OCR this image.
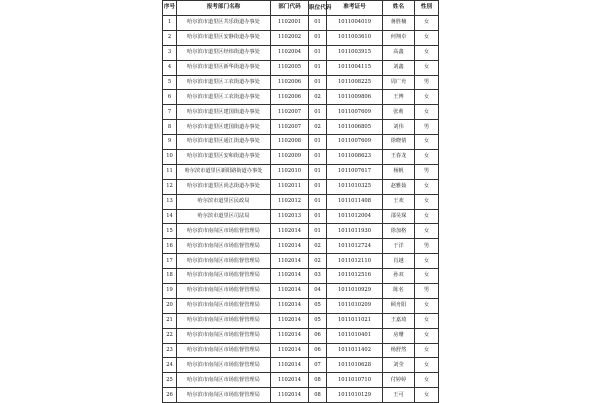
序号	报考部门名称	部门代码	职位代码	准考证号	姓名	性别
1	哈尔滨市道里区共乐街道办事处	1102001	01	10110040​19	蒋胜楠	女
2	哈尔滨市道里区安静街道办事处	1102002	01	1011003610	何翔卓	女
3	哈尔滨市道里区经纬街道办事处	1102004	01	1011003915	高鑫	女
4	哈尔滨市道里区新华街道办事处	1102005	01	1011004115	刘鑫	女
5	哈尔滨市道里区工农街道办事处	1102006	01	1011008225	周广舟	男
6	哈尔滨市道里区工农街道办事处	1102006	02	1011009806	王博	女
7	哈尔滨市道里区建国街道办事处	1102007	01	1011007609	张莉	女
8	哈尔滨市道里区建国街道办事处	1102007	02	1011006805	刘伟	男
9	哈尔滨市道里区通江街道办事处	1102008	01	1011007609	徐晓倩	女
10	哈尔滨市道里区安和街道办事处	1102009	01	1011008623	王春龙	女
11	哈尔滨市道里区新阳路街道办事处	1102010	01	1011007617	杨帆	男
12	哈尔滨市道里区尚志街道办事处	1102011	01	1011010325	赵雅茹	女
13	哈尔滨市道里区民政局	1102012	01	1011011408	王欢	女
14	哈尔滨市道里区司法局	1102013	01	1011012004	邵昊琛	女
15	哈尔滨市南岗区市场监督管理局	1102014	01	1011011930	徐加格	女
16	哈尔滨市南岗区市场监督管理局	1102014	02	1011012724	于洋	男
17	哈尔滨市南岗区市场监督管理局	1102014	02	1011012110	肖越	女
18	哈尔滨市南岗区市场监督管理局	1102014	03	1011012516	孙双	女
19	哈尔滨市南岗区市场监督管理局	1102014	04	1011010929	陈名	男
20	哈尔滨市南岗区市场监督管理局	1102014	05	1011010209	顾舟阳	女
21	哈尔滨市南岗区市场监督管理局	1102014	05	1011011021	王嘉琦	女
22	哈尔滨市南岗区市场监督管理局	1102014	06	1011010401	房珊	女
23	哈尔滨市南岗区市场监督管理局	1102014	06	1011011402	杨舒然	女
24	哈尔滨市南岗区市场监督管理局	1102014	07	1011010628	刘莹	女
25	哈尔滨市南岗区市场监督管理局	1102014	08	1011010710	付婷婷	女
26	哈尔滨市南岗区市场监督管理局	1102014	08	1011010129	王可	女
